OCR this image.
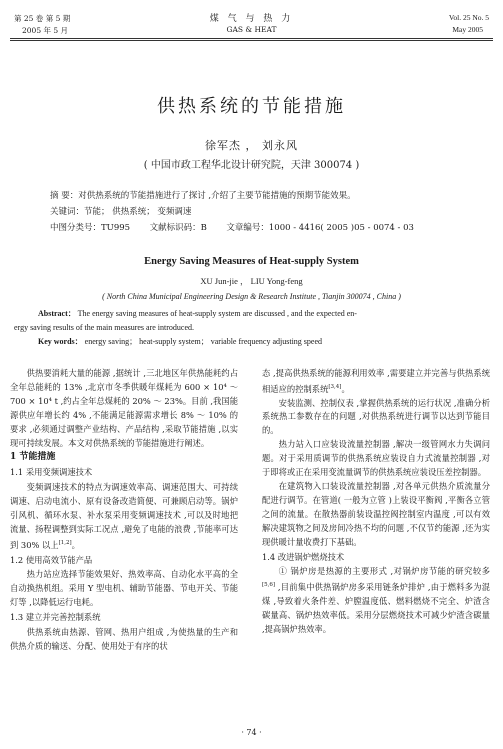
第 25 卷 第 5 期
2005 年 5 月
煤 气 与 热 力
GAS & HEAT
Vol. 25 No. 5
May 2005
供热系统的节能措施
徐军杰 ， 刘永风
( 中国市政工程华北设计研究院，天津 300074 )
摘 要：对供热系统的节能措施进行了探讨 ,介绍了主要节能措施的预期节能效果。
关键词：节能； 供热系统； 变频调速
中图分类号：TU995 文献标识码：B 文章编号：1000 - 4416( 2005 )05 - 0074 - 03
Energy Saving Measures of Heat-supply System
XU Jun-jie ， LIU Yong-feng
( North China Municipal Engineering Design & Research Institute , Tianjin 300074 , China )
Abstract： The energy saving measures of heat-supply system are discussed , and the expected en-
ergy saving results of the main measures are introduced.
Key words： energy saving； heat-supply system； variable frequency adjusting speed

供热要消耗大量的能源 ,据统计 ,三北地区年供热能耗约占全年总能耗的 13% ,北京市冬季供暖年煤耗为 600 × 10⁴ ～ 700 × 10⁴ t ,约占全年总煤耗的 20% ～ 23%。目前 ,我国能源供应年增长约 4% ,不能满足能源需求增长 8% ～ 10% 的要求 ,必须通过调整产业结构、产品结构 ,采取节能措施 ,以实现可持续发展。本文对供热系统的节能措施进行阐述。

1 节能措施

1.1 采用变频调速技术

变频调速技术的特点为调速效率高、调速范围大、可持续调速、启动电流小、原有设备改造简便、可兼顾启动等。锅炉引风机、循环水泵、补水泵采用变频调速技术 ,可以及时地把流量、扬程调整到实际工况点 ,避免了电能的浪费 ,节能率可达到 30% 以上[1,2]。

1.2 使用高效节能产品

热力站应选择节能效果好、热效率高、自动化水平高的全自动换热机组。采用 Y 型电机、辅助节能器、节电开关、节能灯等 ,以降低运行电耗。

1.3 建立并完善控制系统

供热系统由热源、管网、热用户组成 ,为使热量的生产和供热介质的输送、分配、使用处于有序的状

态 ,提高供热系统的能源利用效率 ,需要建立并完善与供热系统相适应的控制系统[3,4]。

安装监测、控制仪表 ,掌握供热系统的运行状况 ,准确分析系统热工参数存在的问题 ,对供热系统进行调节以达到节能目的。

热力站入口应装设流量控制器 ,解决一级管网水力失调问题。对于采用质调节的供热系统应装设自力式流量控制器 ,对于即将或正在采用变流量调节的供热系统应装设压差控制器。

在建筑物入口装设流量控制器 ,对各单元供热介质流量分配进行调节。在管道( 一般为立管 )上装设平衡阀 ,平衡各立管之间的流量。在散热器前装设温控阀控制室内温度 ,可以有效解决建筑物之间及房间冷热不均的问题 ,不仅节约能源 ,还为实现供暖计量收费打下基础。

1.4 改进锅炉燃烧技术

① 锅炉房是热源的主要形式 ,对锅炉房节能的研究较多[5,6] ,目前集中供热锅炉房多采用链条炉排炉 ,由于燃料多为混煤 ,导致着火条件差、炉膛温度低、燃料燃烧不完全、炉渣含碳量高、锅炉热效率低。采用分层燃烧技术可减少炉渣含碳量 ,提高锅炉热效率。

· 74 ·
